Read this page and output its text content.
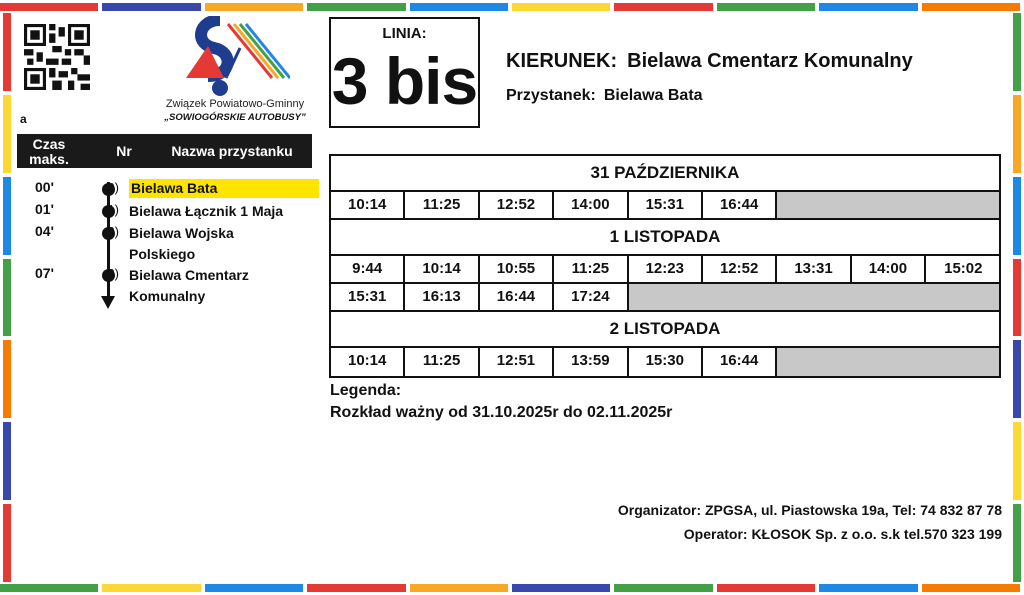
a
Związek Powiatowo-Gminny
„SOWIOGÓRSKIE AUTOBUSY”
Czas maks.	Nr	Nazwa przystanku
00'	0) Bielawa Bata
01'	1) Bielawa Łącznik 1 Maja
04'	2) Bielawa Wojska
Polskiego
07'	3) Bielawa Cmentarz
Komunalny
LINIA:
3 bis KIERUNEK: Bielawa Cmentarz Komunalny
Przystanek: Bielawa Bata
31 PAŹDZIERNIKA
10:14	11:25	12:52	14:00	15:31	16:44
1 LISTOPADA
9:44	10:14	10:55	11:25	12:23	12:52	13:31	14:00	15:02
15:31	16:13	16:44	17:24
2 LISTOPADA
10:14	11:25	12:51	13:59	15:30	16:44
Legenda:
Rozkład ważny od 31.10.2025r do 02.11.2025r
Organizator: ZPGSA, ul. Piastowska 19a, Tel: 74 832 87 78
Operator: KŁOSOK Sp. z o.o. s.k tel.570 323 199
